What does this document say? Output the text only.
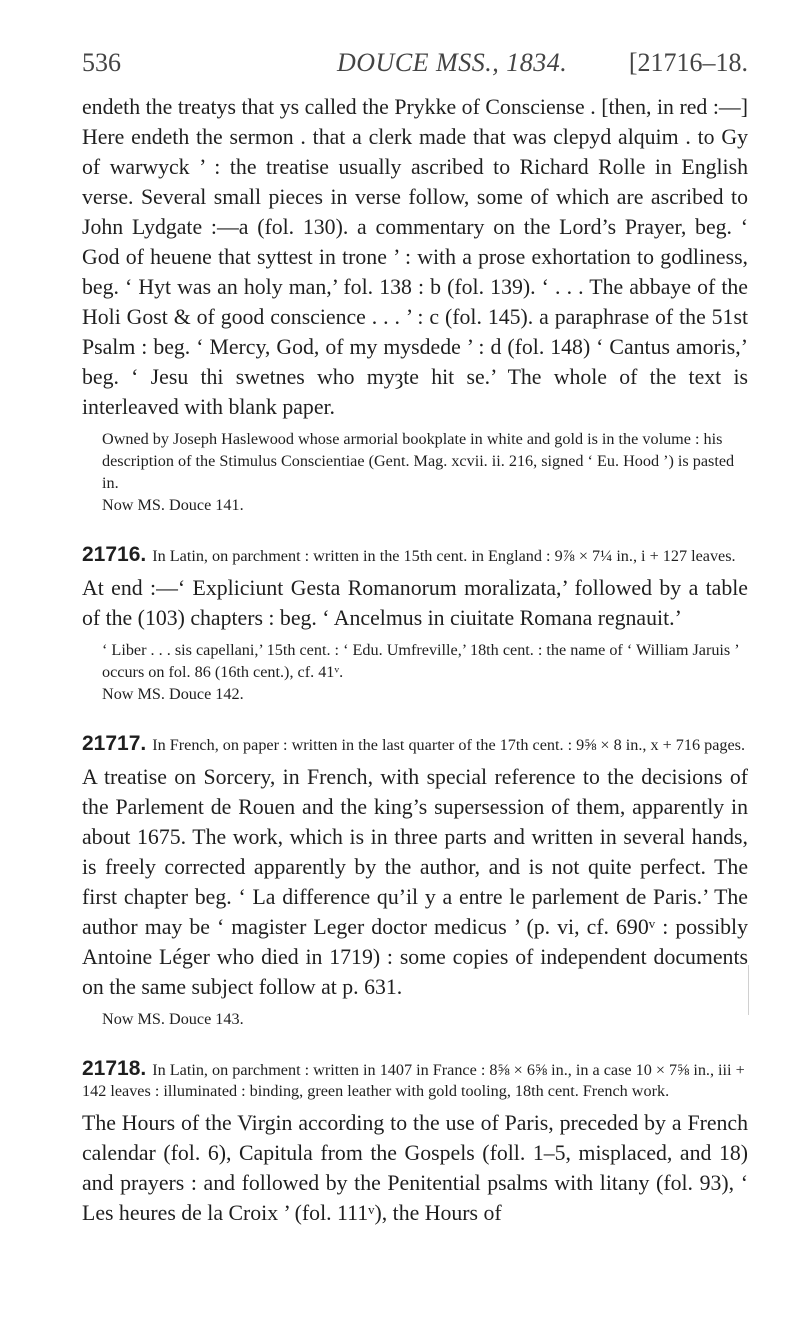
536	DOUCE MSS., 1834. [21716–18.

endeth the treatys that ys called the Prykke of Consciense . [then, in red :—] Here endeth the sermon . that a clerk made that was clepyd alquim . to Gy of warwyck ’ : the treatise usually ascribed to Richard Rolle in English verse. Several small pieces in verse follow, some of which are ascribed to John Lydgate :—a (fol. 130). a commentary on the Lord’s Prayer, beg. ‘ God of heuene that syttest in trone ’ : with a prose exhortation to godliness, beg. ‘ Hyt was an holy man,’ fol. 138 : b (fol. 139). ‘ . . . The abbaye of the Holi Gost & of good conscience . . . ’ : c (fol. 145). a paraphrase of the 51st Psalm : beg. ‘ Mercy, God, of my mysdede ’ : d (fol. 148) ‘ Cantus amoris,’ beg. ‘ Jesu thi swetnes who myȝte hit se.’ The whole of the text is interleaved with blank paper.

Owned by Joseph Haslewood whose armorial bookplate in white and gold is in the volume : his description of the Stimulus Conscientiae (Gent. Mag. xcvii. ii. 216, signed ‘ Eu. Hood ’) is pasted in.

Now MS. Douce 141.

21716. In Latin, on parchment : written in the 15th cent. in England : 9⅞ × 7¼ in., i + 127 leaves.

At end :—‘ Expliciunt Gesta Romanorum moralizata,’ followed by a table of the (103) chapters : beg. ‘ Ancelmus in ciuitate Romana regnauit.’

‘ Liber . . . sis capellani,’ 15th cent. : ‘ Edu. Umfreville,’ 18th cent. : the name of ‘ William Jaruis ’ occurs on fol. 86 (16th cent.), cf. 41ᵛ.

Now MS. Douce 142.

21717. In French, on paper : written in the last quarter of the 17th cent. : 9⅝ × 8 in., x + 716 pages.

A treatise on Sorcery, in French, with special reference to the decisions of the Parlement de Rouen and the king’s supersession of them, apparently in about 1675. The work, which is in three parts and written in several hands, is freely corrected apparently by the author, and is not quite perfect. The first chapter beg. ‘ La difference qu’il y a entre le parlement de Paris.’ The author may be ‘ magister Leger doctor medicus ’ (p. vi, cf. 690ᵛ : possibly Antoine Léger who died in 1719) : some copies of independent documents on the same subject follow at p. 631.

Now MS. Douce 143.

21718. In Latin, on parchment : written in 1407 in France : 8⅝ × 6⅝ in., in a case 10 × 7⅝ in., iii + 142 leaves : illuminated : binding, green leather with gold tooling, 18th cent. French work.

The Hours of the Virgin according to the use of Paris, preceded by a French calendar (fol. 6), Capitula from the Gospels (foll. 1–5, misplaced, and 18) and prayers : and followed by the Penitential psalms with litany (fol. 93), ‘ Les heures de la Croix ’ (fol. 111ᵛ), the Hours of
